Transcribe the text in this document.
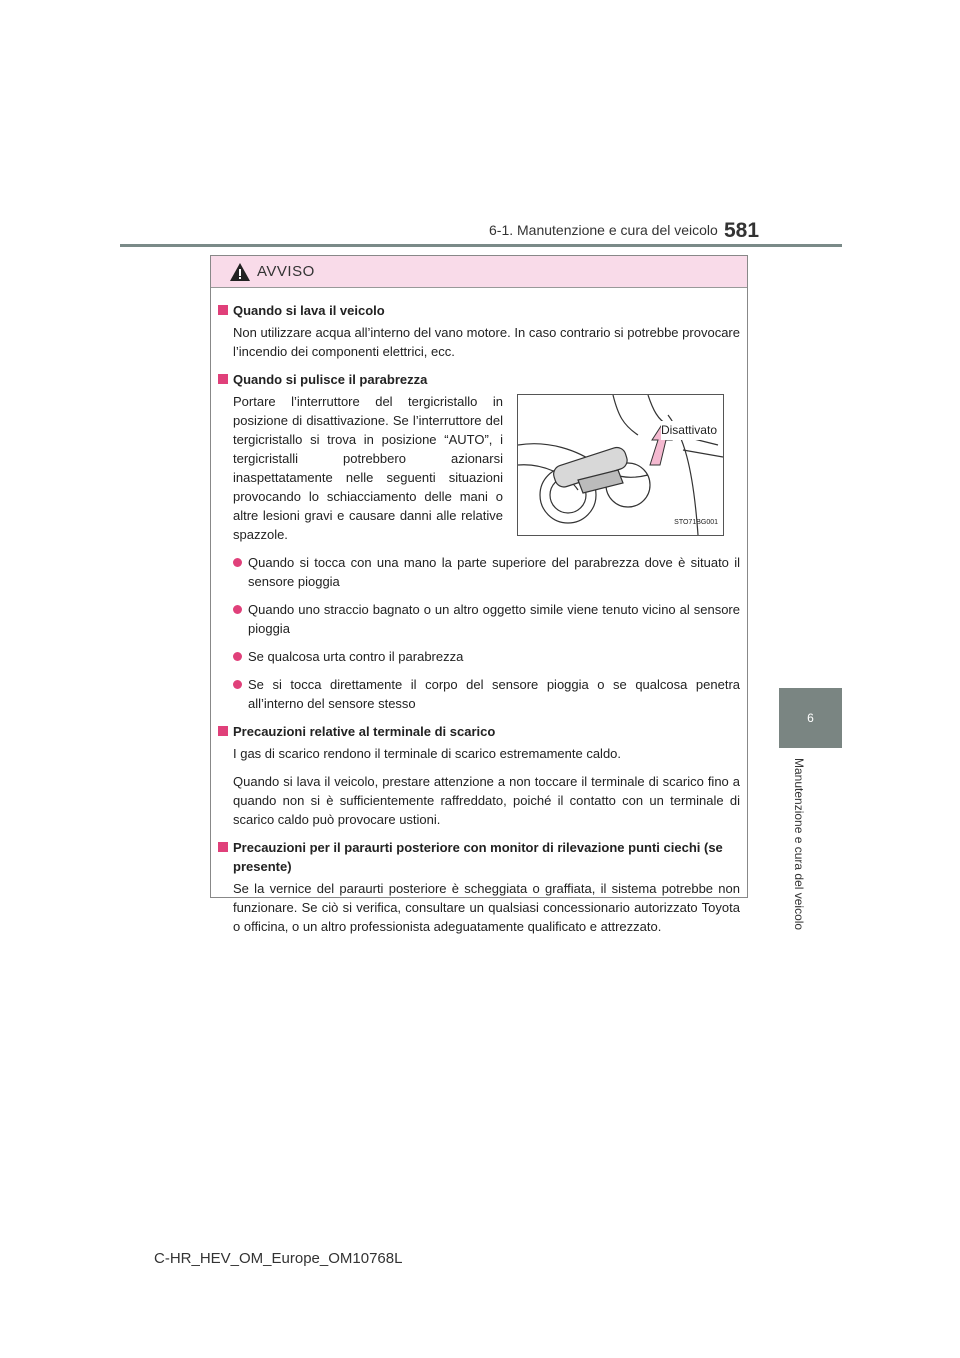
6-1. Manutenzione e cura del veicolo 581
6
Manutenzione e cura del veicolo
AVVISO
Quando si lava il veicolo
Non utilizzare acqua all’interno del vano motore. In caso contrario si potrebbe provocare l’incendio dei componenti elettrici, ecc.
Quando si pulisce il parabrezza
Portare l’interruttore del tergicristallo in posizione di disattivazione. Se l’interruttore del tergicristallo si trova in posizione “AUTO”, i tergicristalli potrebbero azionarsi inaspettatamente nelle seguenti situazioni provocando lo schiacciamento delle mani o altre lesioni gravi e causare danni alle relative spazzole.
Disattivato
STO71BG001
Quando si tocca con una mano la parte superiore del parabrezza dove è situato il sensore pioggia
Quando uno straccio bagnato o un altro oggetto simile viene tenuto vicino al sensore pioggia
Se qualcosa urta contro il parabrezza
Se si tocca direttamente il corpo del sensore pioggia o se qualcosa penetra all’interno del sensore stesso
Precauzioni relative al terminale di scarico
I gas di scarico rendono il terminale di scarico estremamente caldo.
Quando si lava il veicolo, prestare attenzione a non toccare il terminale di scarico fino a quando non si è sufficientemente raffreddato, poiché il contatto con un terminale di scarico caldo può provocare ustioni.
Precauzioni per il paraurti posteriore con monitor di rilevazione punti ciechi (se presente)
Se la vernice del paraurti posteriore è scheggiata o graffiata, il sistema potrebbe non funzionare. Se ciò si verifica, consultare un qualsiasi concessionario autorizzato Toyota o officina, o un altro professionista adeguatamente qualificato e attrezzato.
C-HR_HEV_OM_Europe_OM10768L
